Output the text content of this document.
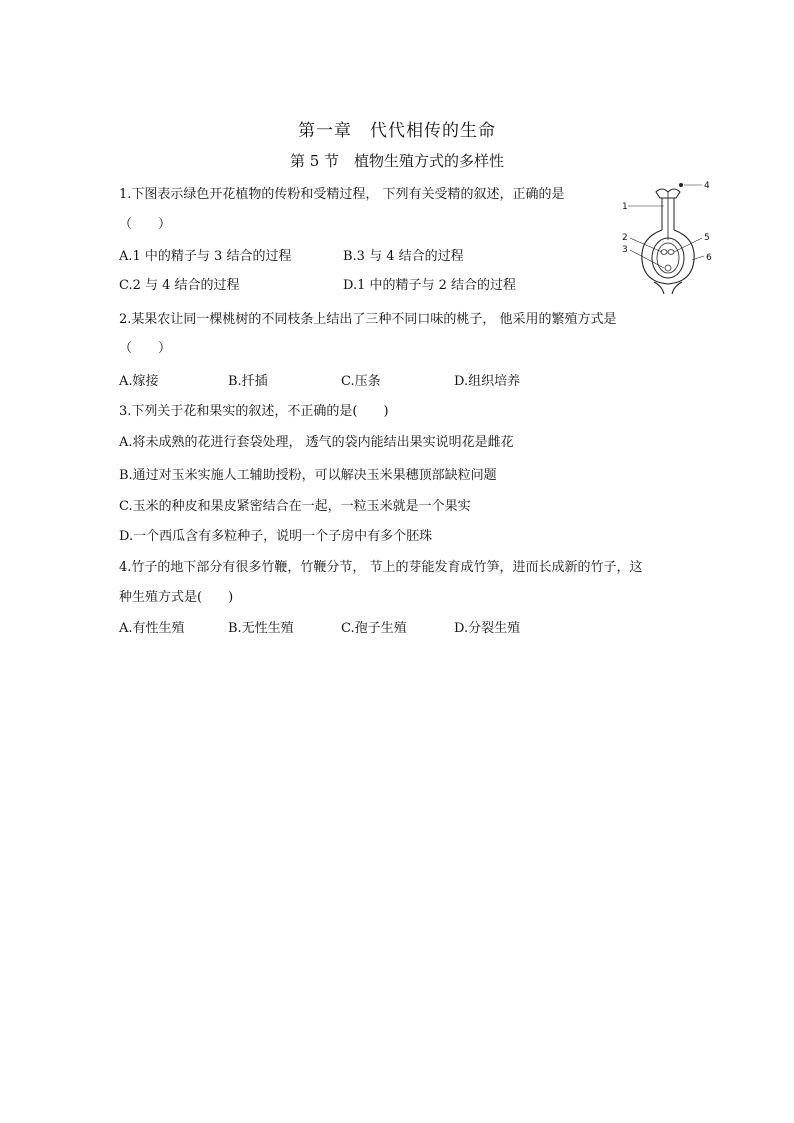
第一章　代代相传的生命
第 5 节　植物生殖方式的多样性
1.下图表示绿色开花植物的传粉和受精过程， 下列有关受精的叙述，正确的是
（　　）
A.1 中的精子与 3 结合的过程	B.3 与 4 结合的过程
C.2 与 4 结合的过程	D.1 中的精子与 2 结合的过程
1
2
3
4
5
6
2.某果农让同一棵桃树的不同枝条上结出了三种不同口味的桃子， 他采用的繁殖方式是
（　　）
A.嫁接	B.扦插	C.压条	D.组织培养
3.下列关于花和果实的叙述，不正确的是(　　)
A.将未成熟的花进行套袋处理， 透气的袋内能结出果实说明花是雌花
B.通过对玉米实施人工辅助授粉，可以解决玉米果穗顶部缺粒问题
C.玉米的种皮和果皮紧密结合在一起，一粒玉米就是一个果实
D.一个西瓜含有多粒种子，说明一个子房中有多个胚珠
4.竹子的地下部分有很多竹鞭，竹鞭分节， 节上的芽能发育成竹笋，进而长成新的竹子，这
种生殖方式是(　　)
A.有性生殖	B.无性生殖	C.孢子生殖	D.分裂生殖
